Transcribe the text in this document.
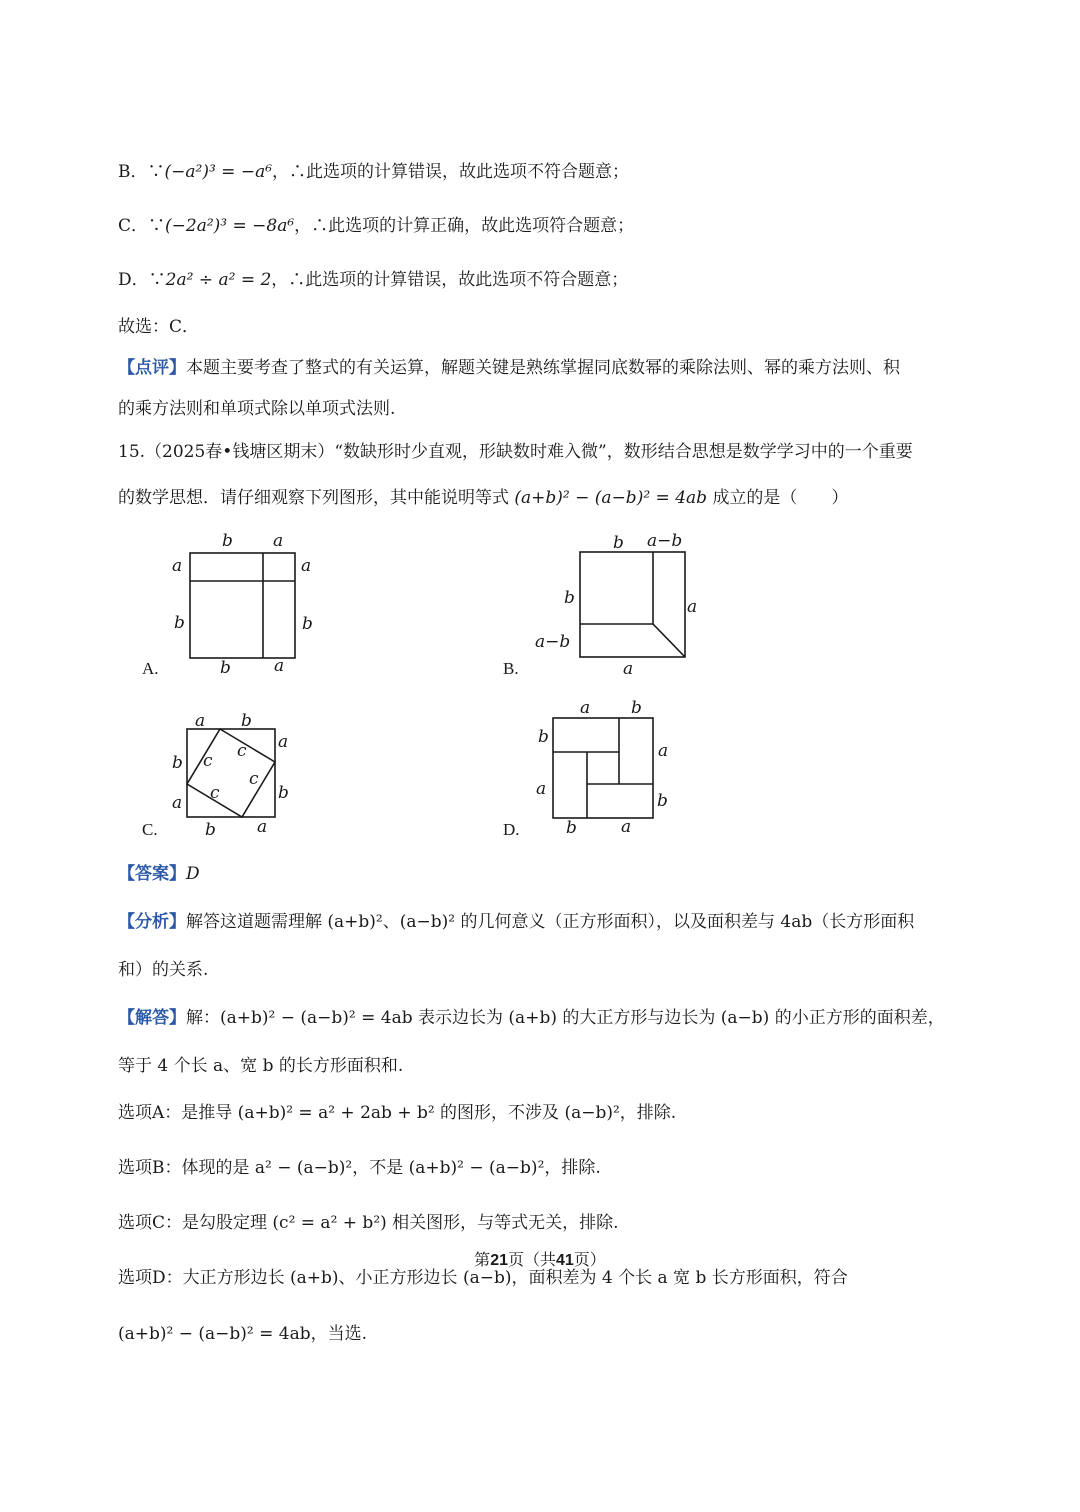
B．∵(−a²)³ = −a⁶，∴此选项的计算错误，故此选项不符合题意；
C．∵(−2a²)³ = −8a⁶，∴此选项的计算正确，故此选项符合题意；
D．∵2a² ÷ a² = 2，∴此选项的计算错误，故此选项不符合题意；
故选：C．
【点评】本题主要考查了整式的有关运算，解题关键是熟练掌握同底数幂的乘除法则、幂的乘方法则、积
的乘方法则和单项式除以单项式法则.
15.（2025春•钱塘区期末）“数缺形时少直观，形缺数时难入微”，数形结合思想是数学学习中的一个重要
的数学思想．请仔细观察下列图形，其中能说明等式 (a+b)² − (a−b)² = 4ab 成立的是（　　）
b a
a	a
b	b
b	a
A.
b a−b
b	a
a−b
a
B.
a b
a
b
b
a
b a
c c
c
c
C.
a b
b
a
a
b
b	a
D.
【答案】D
【分析】解答这道题需理解 (a+b)²、(a−b)² 的几何意义（正方形面积），以及面积差与 4ab（长方形面积
和）的关系.
【解答】解：(a+b)² − (a−b)² = 4ab 表示边长为 (a+b) 的大正方形与边长为 (a−b) 的小正方形的面积差，
等于 4 个长 a、宽 b 的长方形面积和.
选项A：是推导 (a+b)² = a² + 2ab + b² 的图形，不涉及 (a−b)²，排除.
选项B：体现的是 a² − (a−b)²，不是 (a+b)² − (a−b)²，排除.
选项C：是勾股定理 (c² = a² + b²) 相关图形，与等式无关，排除.
选项D：大正方形边长 (a+b)、小正方形边长 (a−b)，面积差为 4 个长 a 宽 b 长方形面积，符合
(a+b)² − (a−b)² = 4ab，当选.
第21页（共41页）
